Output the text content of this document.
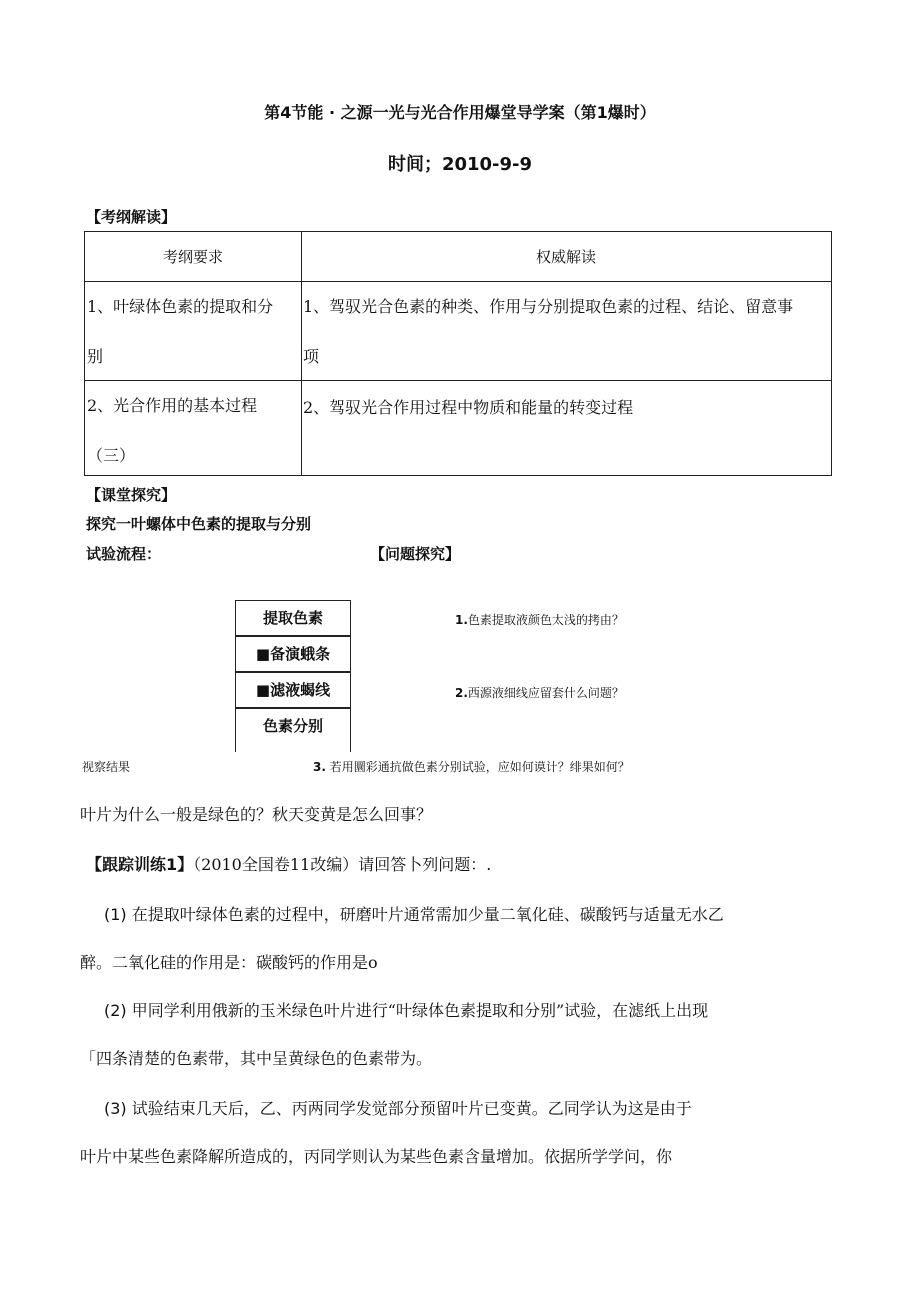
第4节能 · 之源一光与光合作用爆堂导学案（第1爆时）
时间；2010-9-9
【考纲解读】
考纲要求	权威解读
1、叶绿体色素的提取和分别
1、驾驭光合色素的种类、作用与分别提取色素的过程、结论、留意事项
2、光合作用的基本过程（三）
2、驾驭光合作用过程中物质和能量的转变过程
【课堂探究】
探究一叶螺体中色素的提取与分别
试验流程：	【问题探究】
提取色素
■备演蛾条
■滤液蝎线
色素分别
1.色素提取液颜色太浅的拷由？
2.西源液细线应留套什么问题？
视察结果	3. 若用圜彩通抗做色素分别试验，应如何谟计？绯果如何？
叶片为什么一般是绿色的？秋天变黄是怎么回事？
【跟踪训练1】（2010全国卷11改编）请回答卜列问题：.
(1) 在提取叶绿体色素的过程中，研磨叶片通常需加少量二氧化硅、碳酸钙与适量无水乙
醉。二氧化硅的作用是：碳酸钙的作用是o
(2) 甲同学利用俄新的玉米绿色叶片进行“叶绿体色素提取和分别”试验，在滤纸上出现
「四条清楚的色素带，其中呈黄绿色的色素带为。
(3) 试验结束几天后，乙、丙两同学发觉部分预留叶片已变黄。乙同学认为这是由于
叶片中某些色素降解所造成的，丙同学则认为某些色素含量增加。依据所学学问，你
